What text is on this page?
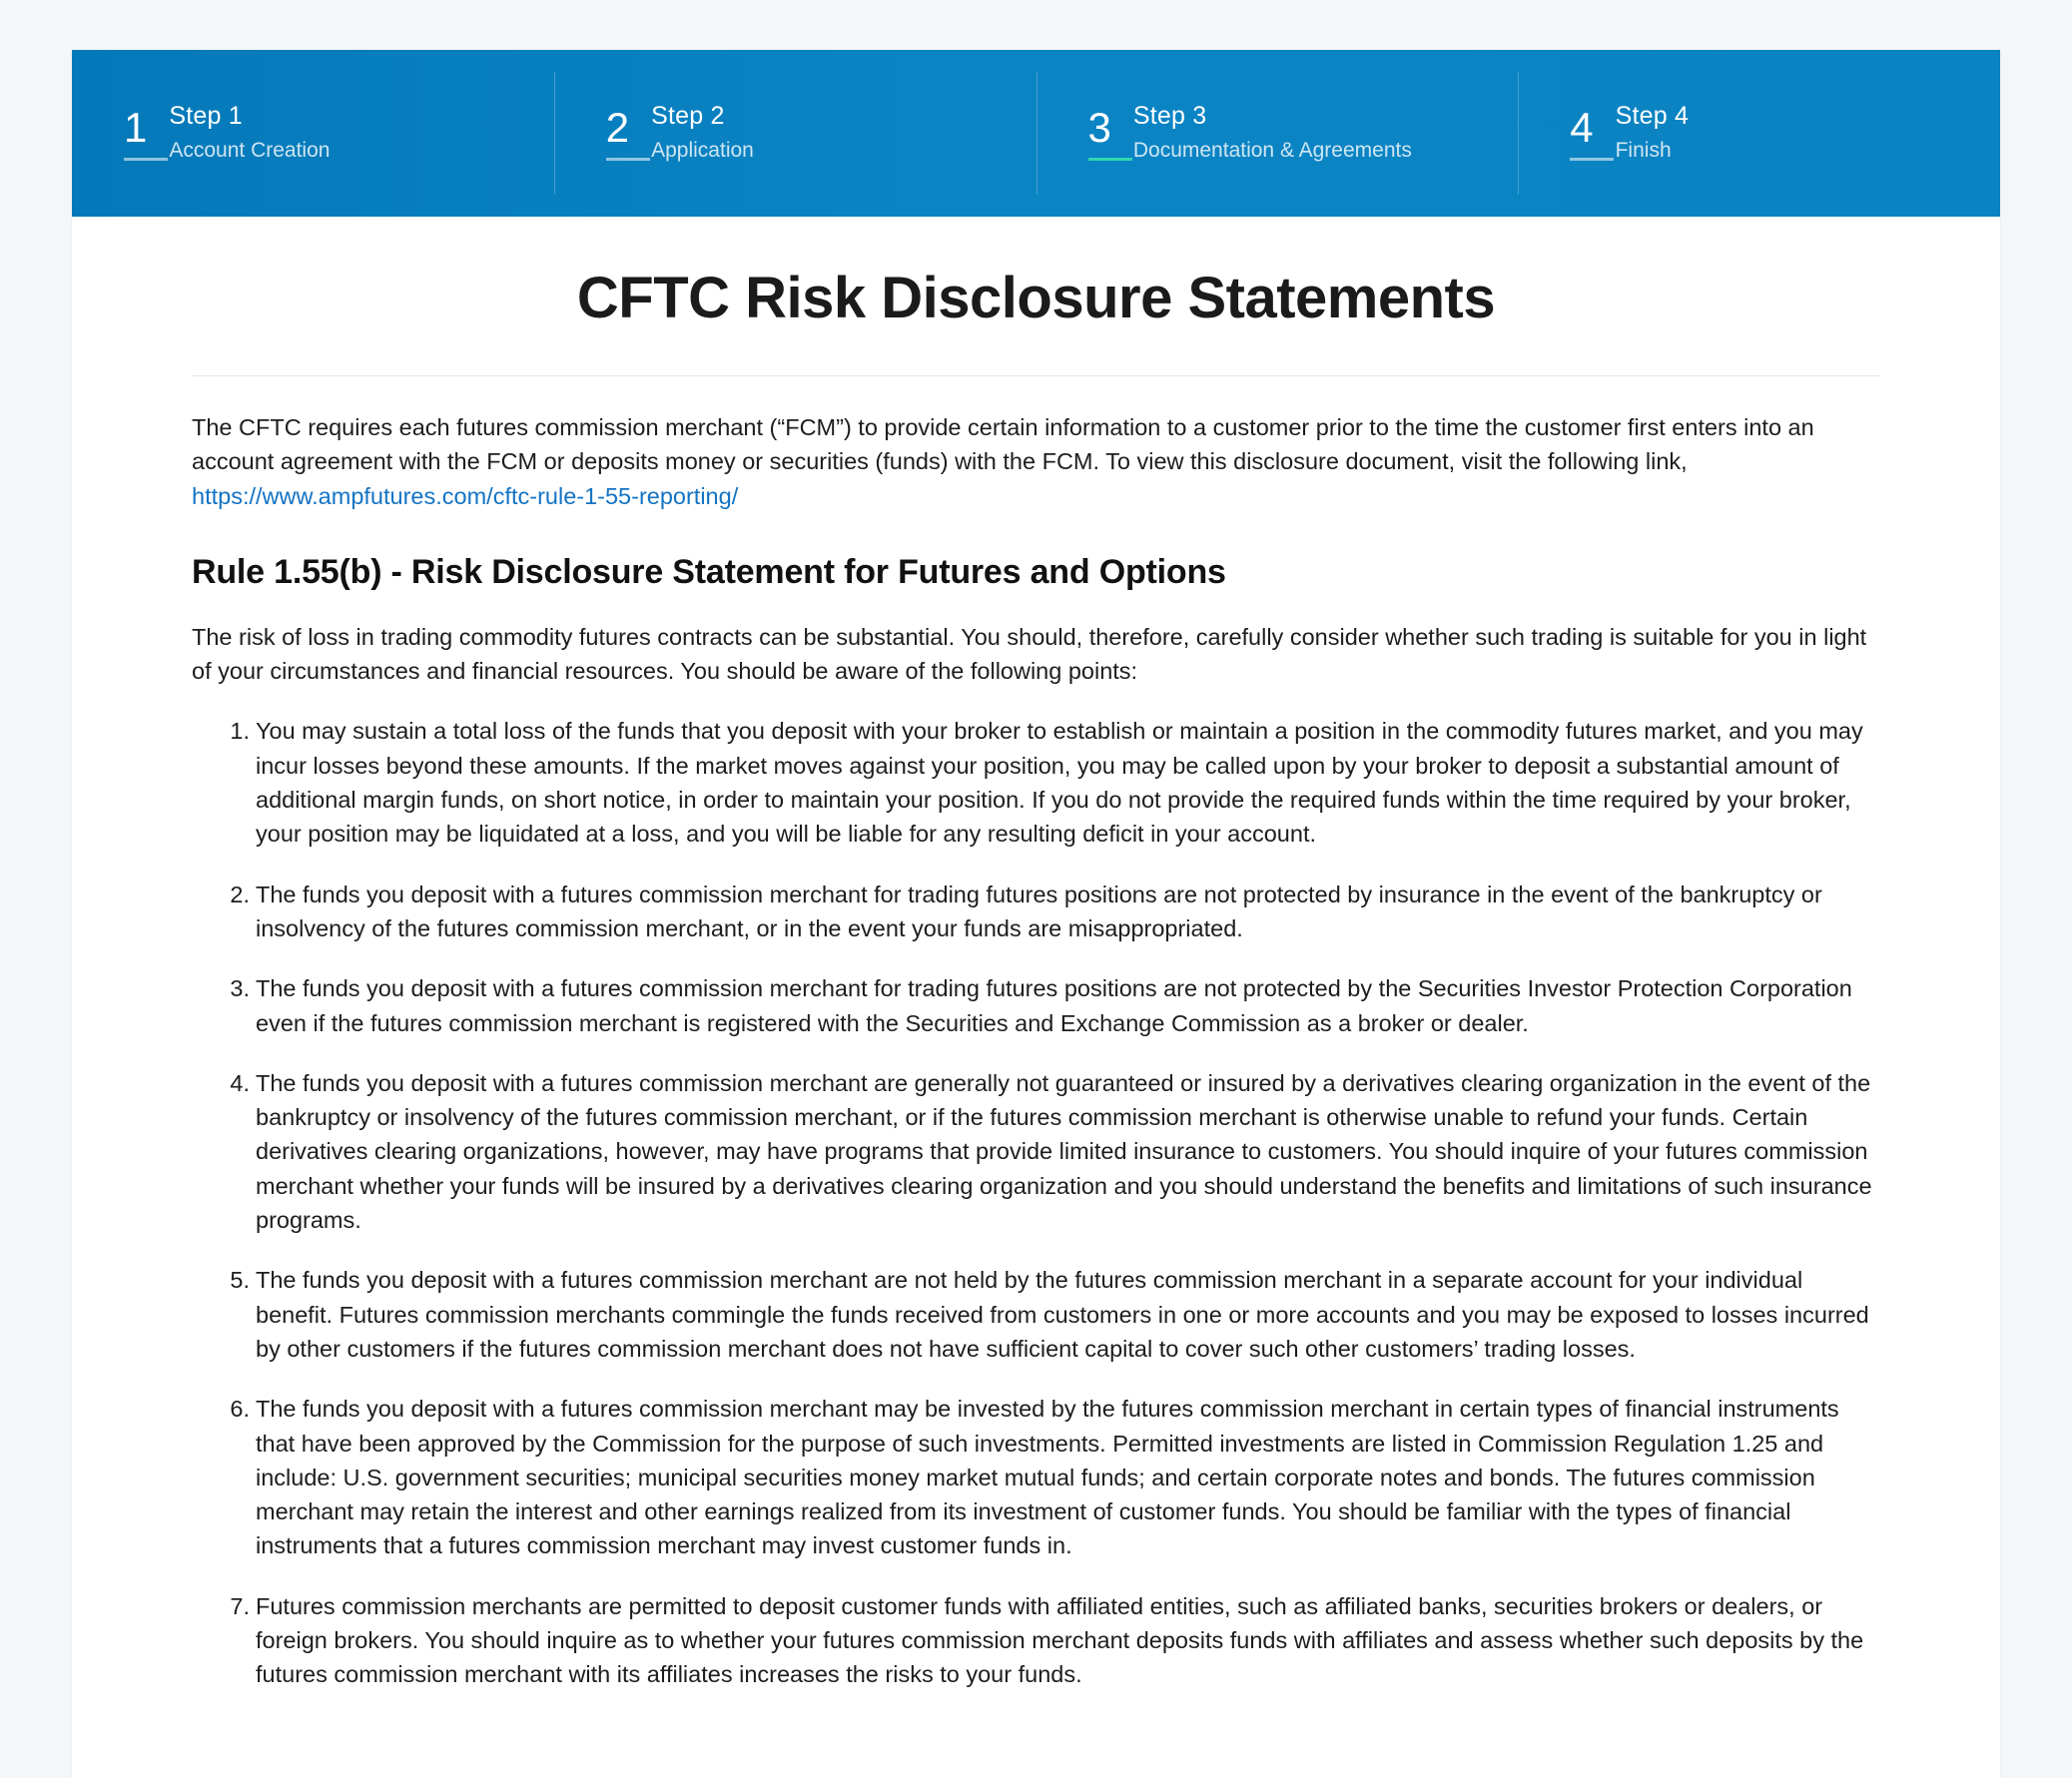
1 Step 1
Account Creation
2 Step 2
Application
3 Step 3
Documentation & Agreements
4 Step 4
Finish
CFTC Risk Disclosure Statements

The CFTC requires each futures commission merchant (“FCM”) to provide certain information to a customer prior to the time the customer first enters into an account agreement with the FCM or deposits money or securities (funds) with the FCM. To view this disclosure document, visit the following link,
https://www.ampfutures.com/cftc-rule-1-55-reporting/

Rule 1.55(b) - Risk Disclosure Statement for Futures and Options

The risk of loss in trading commodity futures contracts can be substantial. You should, therefore, carefully consider whether such trading is suitable for you in light of your circumstances and financial resources. You should be aware of the following points:

You may sustain a total loss of the funds that you deposit with your broker to establish or maintain a position in the commodity futures market, and you may incur losses beyond these amounts. If the market moves against your position, you may be called upon by your broker to deposit a substantial amount of additional margin funds, on short notice, in order to maintain your position. If you do not provide the required funds within the time required by your broker, your position may be liquidated at a loss, and you will be liable for any resulting deficit in your account.
The funds you deposit with a futures commission merchant for trading futures positions are not protected by insurance in the event of the bankruptcy or insolvency of the futures commission merchant, or in the event your funds are misappropriated.
The funds you deposit with a futures commission merchant for trading futures positions are not protected by the Securities Investor Protection Corporation even if the futures commission merchant is registered with the Securities and Exchange Commission as a broker or dealer.
The funds you deposit with a futures commission merchant are generally not guaranteed or insured by a derivatives clearing organization in the event of the bankruptcy or insolvency of the futures commission merchant, or if the futures commission merchant is otherwise unable to refund your funds. Certain derivatives clearing organizations, however, may have programs that provide limited insurance to customers. You should inquire of your futures commission merchant whether your funds will be insured by a derivatives clearing organization and you should understand the benefits and limitations of such insurance programs.
The funds you deposit with a futures commission merchant are not held by the futures commission merchant in a separate account for your individual benefit. Futures commission merchants commingle the funds received from customers in one or more accounts and you may be exposed to losses incurred by other customers if the futures commission merchant does not have sufficient capital to cover such other customers’ trading losses.
The funds you deposit with a futures commission merchant may be invested by the futures commission merchant in certain types of financial instruments that have been approved by the Commission for the purpose of such investments. Permitted investments are listed in Commission Regulation 1.25 and include: U.S. government securities; municipal securities money market mutual funds; and certain corporate notes and bonds. The futures commission merchant may retain the interest and other earnings realized from its investment of customer funds. You should be familiar with the types of financial instruments that a futures commission merchant may invest customer funds in.
Futures commission merchants are permitted to deposit customer funds with affiliated entities, such as affiliated banks, securities brokers or dealers, or foreign brokers. You should inquire as to whether your futures commission merchant deposits funds with affiliates and assess whether such deposits by the futures commission merchant with its affiliates increases the risks to your funds.
